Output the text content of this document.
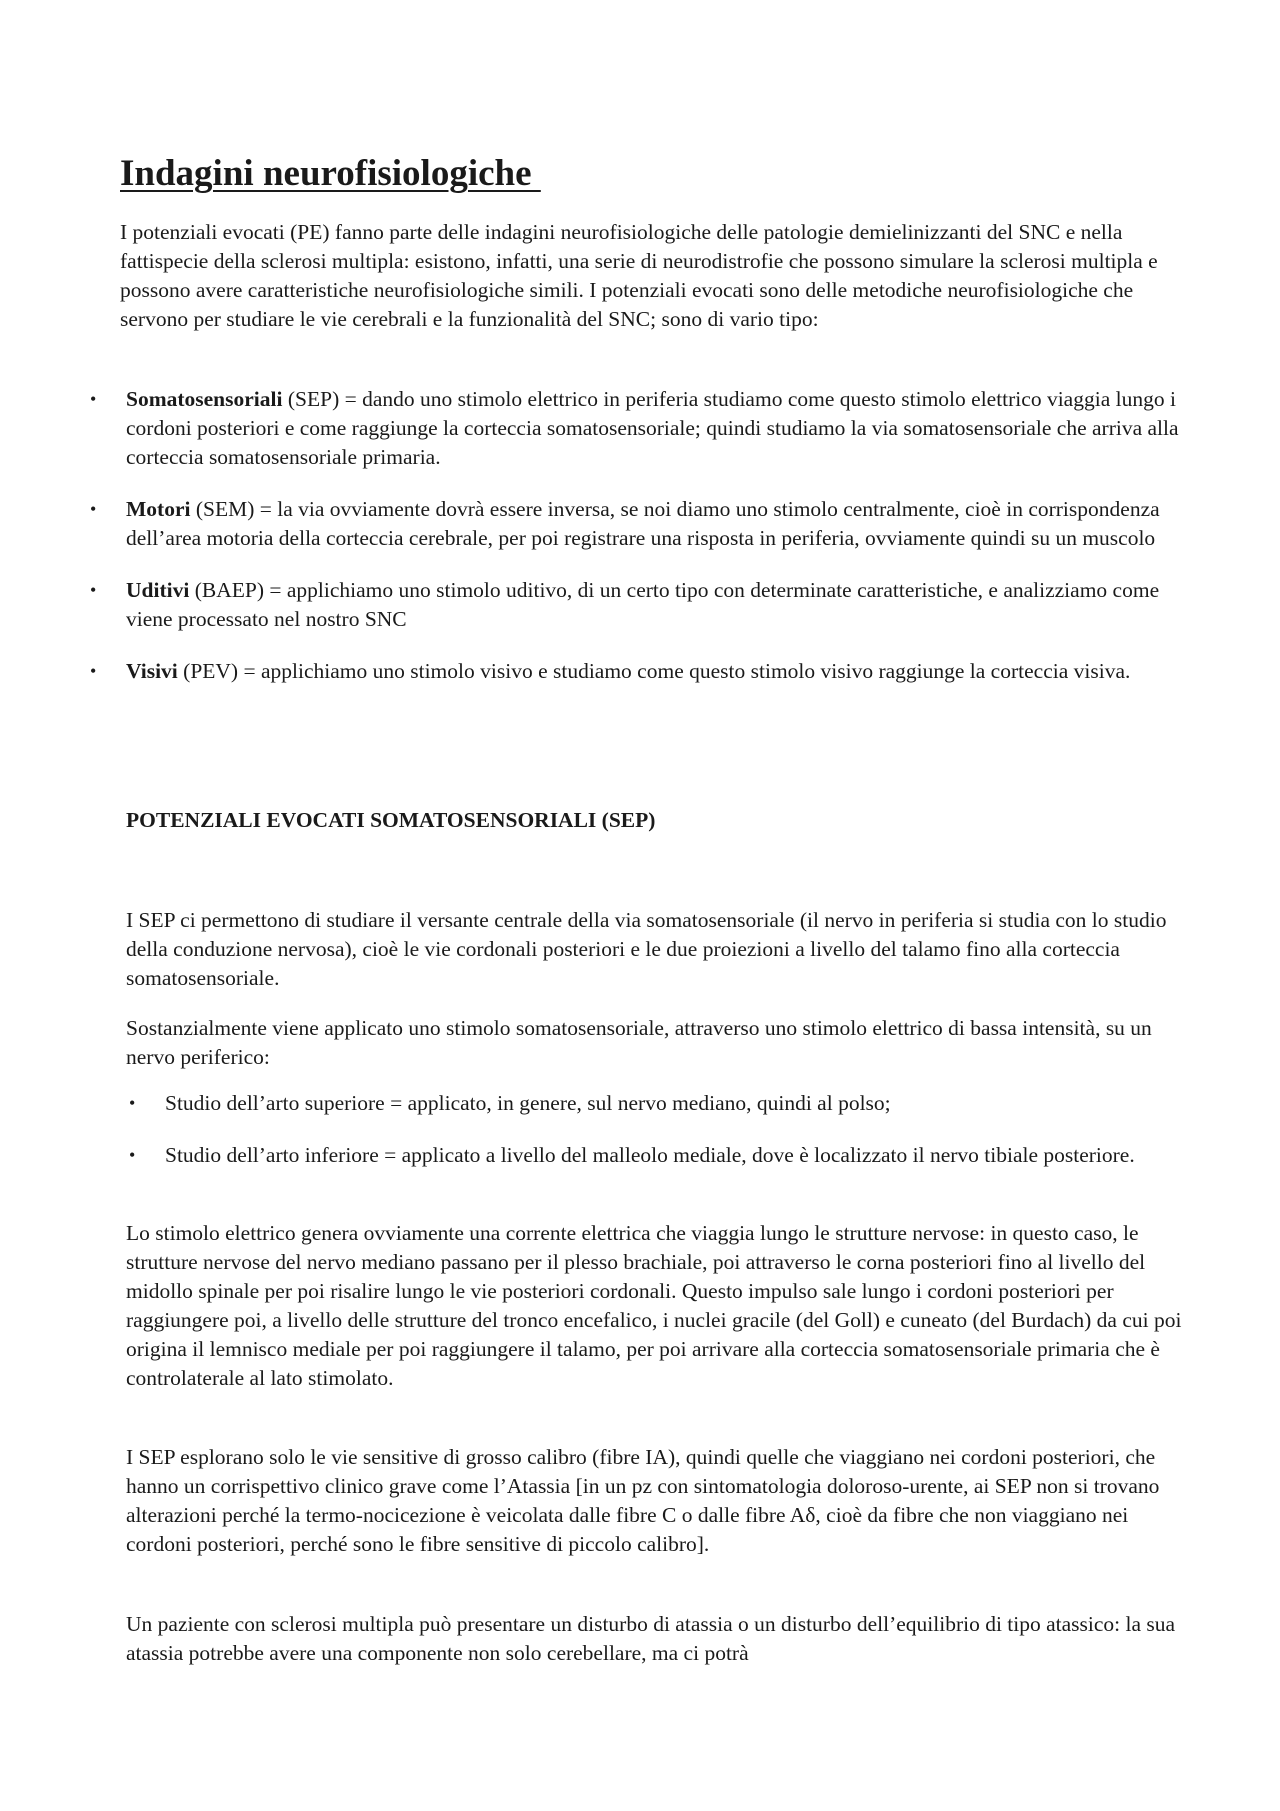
Indagini neurofisiologiche

I potenziali evocati (PE) fanno parte delle indagini neurofisiologiche delle patologie demielinizzanti del SNC e nella fattispecie della sclerosi multipla: esistono, infatti, una serie di neurodistrofie che possono simulare la sclerosi multipla e possono avere caratteristiche neurofisiologiche simili. I potenziali evocati sono delle metodiche neurofisiologiche che servono per studiare le vie cerebrali e la funzionalità del SNC; sono di vario tipo:

• Somatosensoriali (SEP) = dando uno stimolo elettrico in periferia studiamo come questo stimolo elettrico viaggia lungo i cordoni posteriori e come raggiunge la corteccia somatosensoriale; quindi studiamo la via somatosensoriale che arriva alla corteccia somatosensoriale primaria.
• Motori (SEM) = la via ovviamente dovrà essere inversa, se noi diamo uno stimolo centralmente, cioè in corrispondenza dell’area motoria della corteccia cerebrale, per poi registrare una risposta in periferia, ovviamente quindi su un muscolo
• Uditivi (BAEP) = applichiamo uno stimolo uditivo, di un certo tipo con determinate caratteristiche, e analizziamo come viene processato nel nostro SNC
• Visivi (PEV) = applichiamo uno stimolo visivo e studiamo come questo stimolo visivo raggiunge la corteccia visiva.
POTENZIALI EVOCATI SOMATOSENSORIALI (SEP)

I SEP ci permettono di studiare il versante centrale della via somatosensoriale (il nervo in periferia si studia con lo studio della conduzione nervosa), cioè le vie cordonali posteriori e le due proiezioni a livello del talamo fino alla corteccia somatosensoriale.

Sostanzialmente viene applicato uno stimolo somatosensoriale, attraverso uno stimolo elettrico di bassa intensità, su un nervo periferico:

• Studio dell’arto superiore = applicato, in genere, sul nervo mediano, quindi al polso;
• Studio dell’arto inferiore = applicato a livello del malleolo mediale, dove è localizzato il nervo tibiale posteriore.

Lo stimolo elettrico genera ovviamente una corrente elettrica che viaggia lungo le strutture nervose: in questo caso, le strutture nervose del nervo mediano passano per il plesso brachiale, poi attraverso le corna posteriori fino al livello del midollo spinale per poi risalire lungo le vie posteriori cordonali. Questo impulso sale lungo i cordoni posteriori per raggiungere poi, a livello delle strutture del tronco encefalico, i nuclei gracile (del Goll) e cuneato (del Burdach) da cui poi origina il lemnisco mediale per poi raggiungere il talamo, per poi arrivare alla corteccia somatosensoriale primaria che è controlaterale al lato stimolato.

I SEP esplorano solo le vie sensitive di grosso calibro (fibre IA), quindi quelle che viaggiano nei cordoni posteriori, che hanno un corrispettivo clinico grave come l’Atassia [in un pz con sintomatologia doloroso-urente, ai SEP non si trovano alterazioni perché la termo-nocicezione è veicolata dalle fibre C o dalle fibre Aδ, cioè da fibre che non viaggiano nei cordoni posteriori, perché sono le fibre sensitive di piccolo calibro].

Un paziente con sclerosi multipla può presentare un disturbo di atassia o un disturbo dell’equilibrio di tipo atassico: la sua atassia potrebbe avere una componente non solo cerebellare, ma ci potrà
